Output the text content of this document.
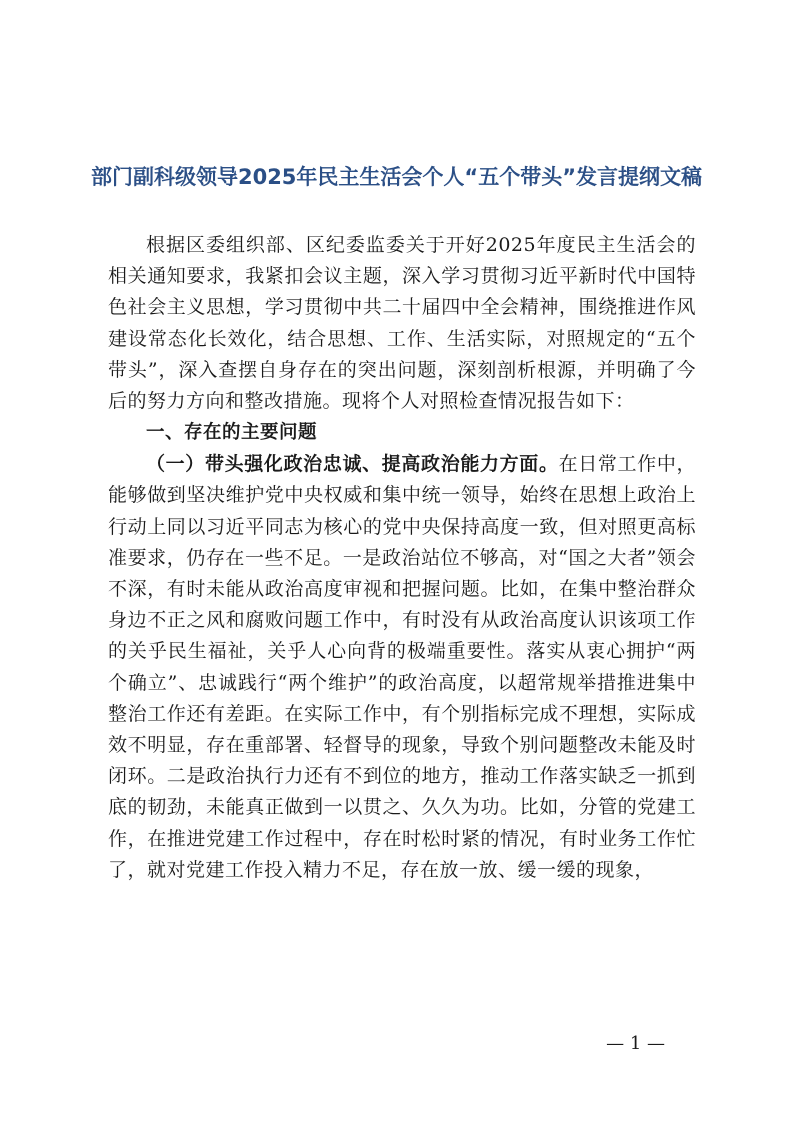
部门副科级领导2025年民主生活会个人“五个带头”发言提纲文稿

根据区委组织部、区纪委监委关于开好2025年度民主生活会的相关通知要求，我紧扣会议主题，深入学习贯彻习近平新时代中国特色社会主义思想，学习贯彻中共二十届四中全会精神，围绕推进作风建设常态化长效化，结合思想、工作、生活实际，对照规定的“五个带头”，深入查摆自身存在的突出问题，深刻剖析根源，并明确了今后的努力方向和整改措施。现将个人对照检查情况报告如下：

一、存在的主要问题

（一）带头强化政治忠诚、提高政治能力方面。在日常工作中，能够做到坚决维护党中央权威和集中统一领导，始终在思想上政治上行动上同以习近平同志为核心的党中央保持高度一致，但对照更高标准要求，仍存在一些不足。一是政治站位不够高，对“国之大者”领会不深，有时未能从政治高度审视和把握问题。比如，在集中整治群众身边不正之风和腐败问题工作中，有时没有从政治高度认识该项工作的关乎民生福祉，关乎人心向背的极端重要性。落实从衷心拥护“两个确立”、忠诚践行“两个维护”的政治高度，以超常规举措推进集中整治工作还有差距。在实际工作中，有个别指标完成不理想，实际成效不明显，存在重部署、轻督导的现象，导致个别问题整改未能及时闭环。二是政治执行力还有不到位的地方，推动工作落实缺乏一抓到底的韧劲，未能真正做到一以贯之、久久为功。比如，分管的党建工作，在推进党建工作过程中，存在时松时紧的情况，有时业务工作忙了，就对党建工作投入精力不足，存在放一放、缓一缓的现象，

— 1 —
